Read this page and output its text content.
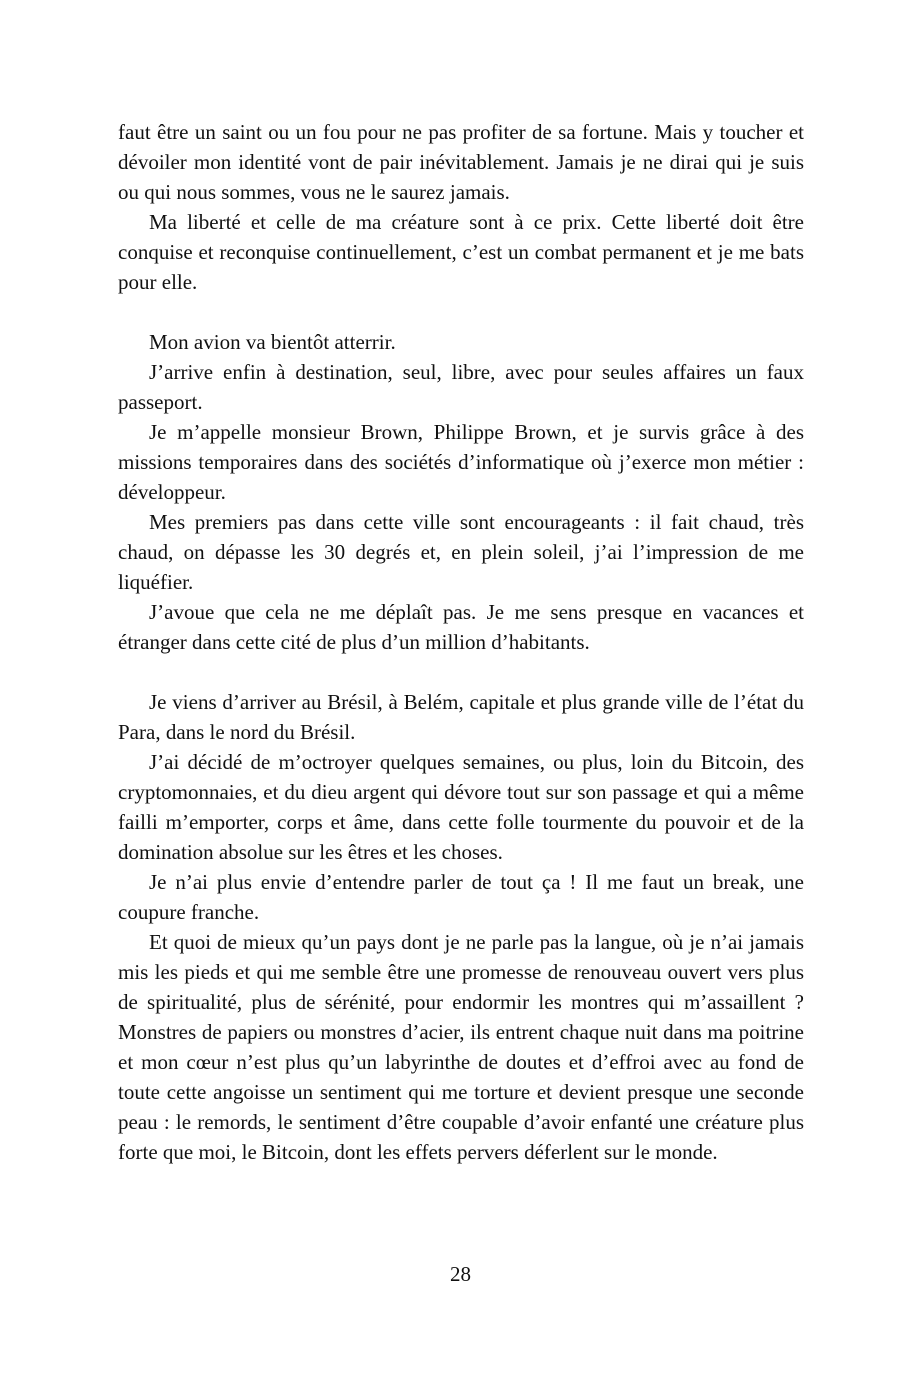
faut être un saint ou un fou pour ne pas profiter de sa fortune. Mais y toucher et dévoiler mon identité vont de pair inévitablement. Jamais je ne dirai qui je suis ou qui nous sommes, vous ne le saurez jamais.

Ma liberté et celle de ma créature sont à ce prix. Cette liberté doit être conquise et reconquise continuellement, c’est un combat permanent et je me bats pour elle.

Mon avion va bientôt atterrir.

J’arrive enfin à destination, seul, libre, avec pour seules affaires un faux passeport.

Je m’appelle monsieur Brown, Philippe Brown, et je survis grâce à des missions temporaires dans des sociétés d’informatique où j’exerce mon métier : développeur.

Mes premiers pas dans cette ville sont encourageants : il fait chaud, très chaud, on dépasse les 30 degrés et, en plein soleil, j’ai l’impression de me liquéfier.

J’avoue que cela ne me déplaît pas. Je me sens presque en vacances et étranger dans cette cité de plus d’un million d’habitants.

Je viens d’arriver au Brésil, à Belém, capitale et plus grande ville de l’état du Para, dans le nord du Brésil.

J’ai décidé de m’octroyer quelques semaines, ou plus, loin du Bitcoin, des cryptomonnaies, et du dieu argent qui dévore tout sur son passage et qui a même failli m’emporter, corps et âme, dans cette folle tourmente du pouvoir et de la domination absolue sur les êtres et les choses.

Je n’ai plus envie d’entendre parler de tout ça ! Il me faut un break, une coupure franche.

Et quoi de mieux qu’un pays dont je ne parle pas la langue, où je n’ai jamais mis les pieds et qui me semble être une promesse de renouveau ouvert vers plus de spiritualité, plus de sérénité, pour endormir les montres qui m’assaillent ? Monstres de papiers ou monstres d’acier, ils entrent chaque nuit dans ma poitrine et mon cœur n’est plus qu’un labyrinthe de doutes et d’effroi avec au fond de toute cette angoisse un sentiment qui me torture et devient presque une seconde peau : le remords, le sentiment d’être coupable d’avoir enfanté une créature plus forte que moi, le Bitcoin, dont les effets pervers déferlent sur le monde.

28
